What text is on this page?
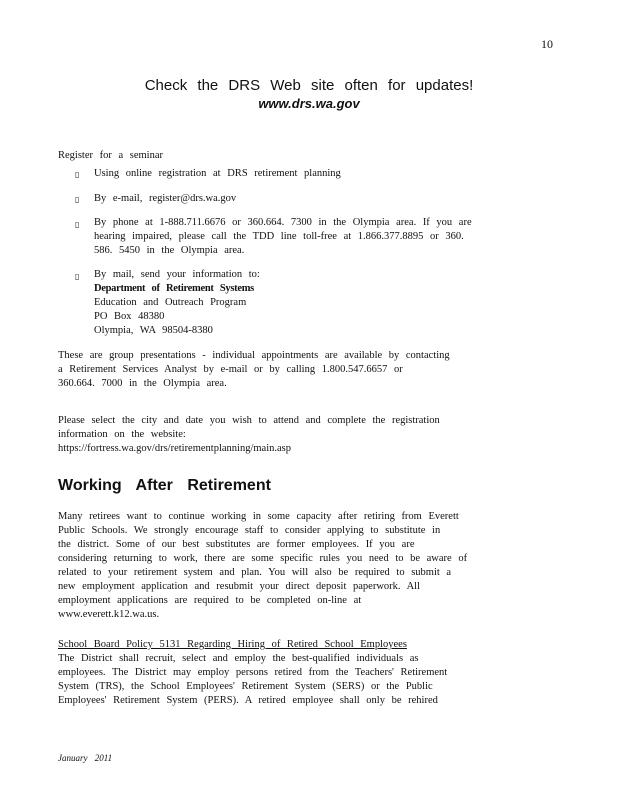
10
Check the DRS Web site often for updates!
www.drs.wa.gov
Register for a seminar
▯ Using online registration at DRS retirement planning
▯ By e-mail, register@drs.wa.gov
▯ By phone at 1-888.711.6676 or 360.664. 7300 in the Olympia area. If you are
hearing impaired, please call the TDD line toll-free at 1.866.377.8895 or 360.
586. 5450 in the Olympia area.
▯ By mail, send your information to:
Department of Retirement Systems
Education and Outreach Program
PO Box 48380
Olympia, WA 98504-8380
These are group presentations - individual appointments are available by contacting
a Retirement Services Analyst by e-mail or by calling 1.800.547.6657 or
360.664. 7000 in the Olympia area.
Please select the city and date you wish to attend and complete the registration
information on the website:
https://fortress.wa.gov/drs/retirementplanning/main.asp
Working After Retirement
Many retirees want to continue working in some capacity after retiring from Everett
Public Schools. We strongly encourage staff to consider applying to substitute in
the district. Some of our best substitutes are former employees. If you are
considering returning to work, there are some specific rules you need to be aware of
related to your retirement system and plan. You will also be required to submit a
new employment application and resubmit your direct deposit paperwork. All
employment applications are required to be completed on-line at
www.everett.k12.wa.us.
School Board Policy 5131 Regarding Hiring of Retired School Employees
The District shall recruit, select and employ the best-qualified individuals as
employees. The District may employ persons retired from the Teachers' Retirement
System (TRS), the School Employees' Retirement System (SERS) or the Public
Employees' Retirement System (PERS). A retired employee shall only be rehired
January 2011
